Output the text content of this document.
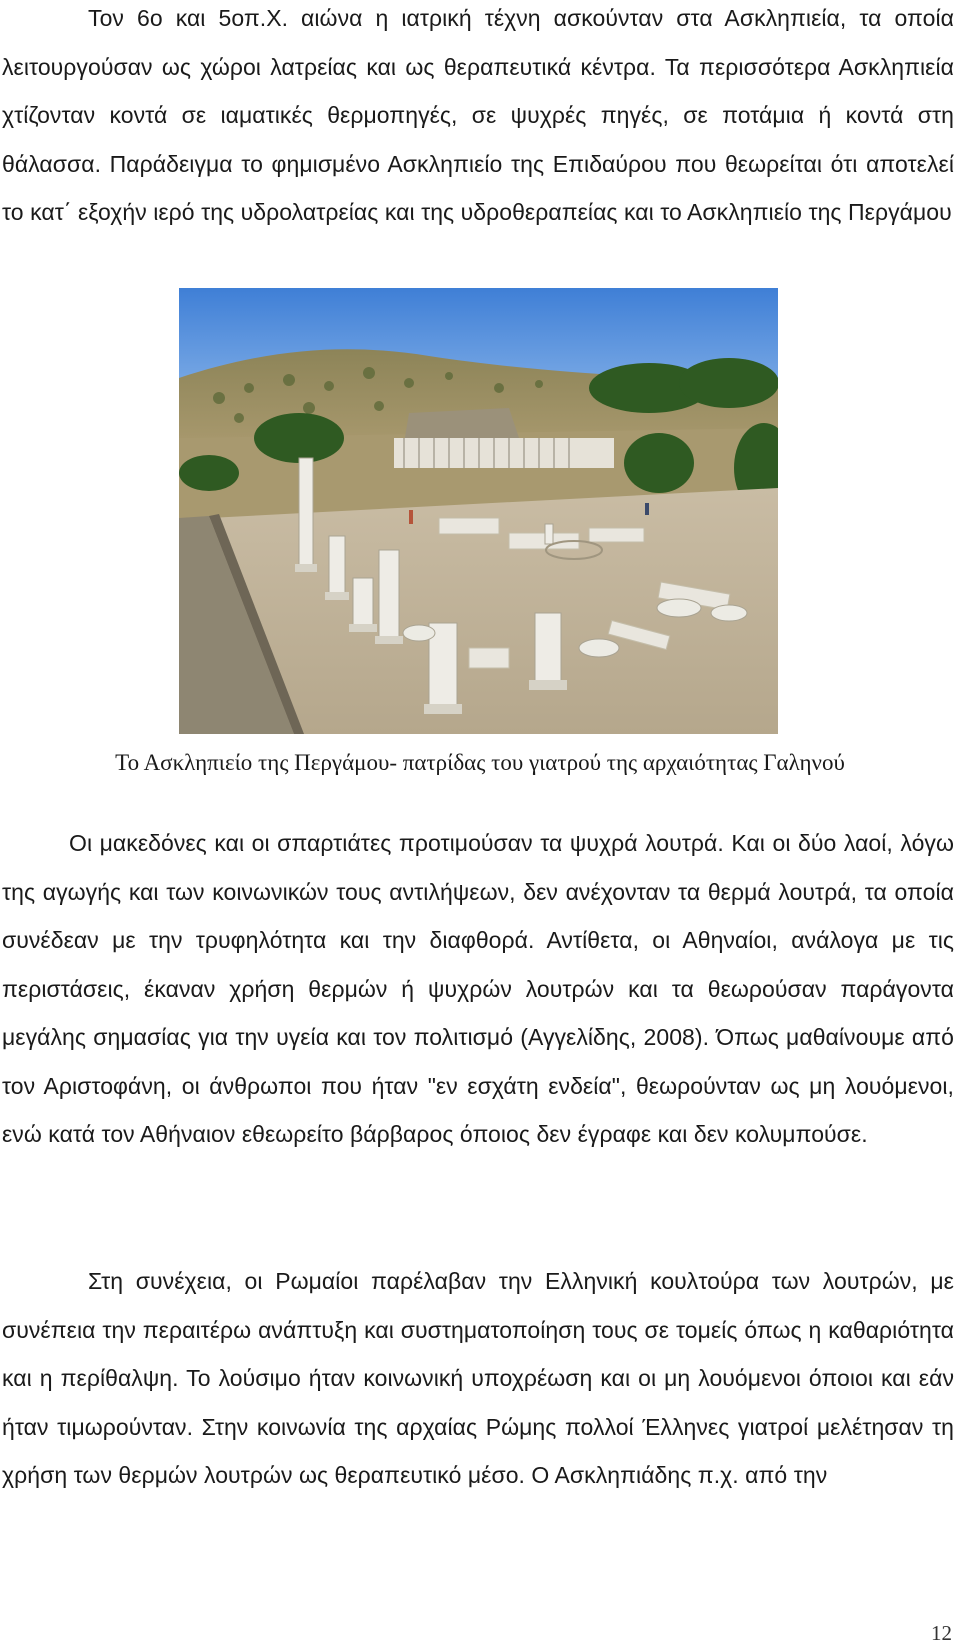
Τον 6ο και 5οπ.Χ. αιώνα η ιατρική τέχνη ασκούνταν στα Ασκληπιεία, τα οποία λειτουργούσαν ως χώροι λατρείας και ως θεραπευτικά κέντρα. Τα περισσότερα Ασκληπιεία χτίζονταν κοντά σε ιαματικές θερμοπηγές, σε ψυχρές πηγές, σε ποτάμια ή κοντά στη θάλασσα. Παράδειγμα το φημισμένο Ασκληπιείο της Επιδαύρου που θεωρείται ότι αποτελεί το κατ΄ εξοχήν ιερό της υδρολατρείας και της υδροθεραπείας και το Ασκληπιείο της Περγάμου

Το Ασκληπιείο της Περγάμου- πατρίδας του γιατρού της αρχαιότητας Γαληνού

Οι μακεδόνες και οι σπαρτιάτες προτιμούσαν τα ψυχρά λουτρά. Και οι δύο λαοί, λόγω της αγωγής και των κοινωνικών τους αντιλήψεων, δεν ανέχονταν τα θερμά λουτρά, τα οποία συνέδεαν με την τρυφηλότητα και την διαφθορά. Αντίθετα, οι Αθηναίοι, ανάλογα με τις περιστάσεις, έκαναν χρήση θερμών ή ψυχρών λουτρών και τα θεωρούσαν παράγοντα μεγάλης σημασίας για την υγεία και τον πολιτισμό (Αγγελίδης, 2008). Όπως μαθαίνουμε από τον Αριστοφάνη, οι άνθρωποι που ήταν "εν εσχάτη ενδεία", θεωρούνταν ως μη λουόμενοι, ενώ κατά τον Αθήναιον εθεωρείτο βάρβαρος όποιος δεν έγραφε και δεν κολυμπούσε.

Στη συνέχεια, οι Ρωμαίοι παρέλαβαν την Ελληνική κουλτούρα των λουτρών, με συνέπεια την περαιτέρω ανάπτυξη και συστηματοποίηση τους σε τομείς όπως η καθαριότητα και η περίθαλψη. Το λούσιμο ήταν κοινωνική υποχρέωση και οι μη λουόμενοι όποιοι και εάν ήταν τιμωρούνταν. Στην κοινωνία της αρχαίας Ρώμης πολλοί Έλληνες γιατροί μελέτησαν τη χρήση των θερμών λουτρών ως θεραπευτικό μέσο. Ο Ασκληπιάδης π.χ. από την

12
